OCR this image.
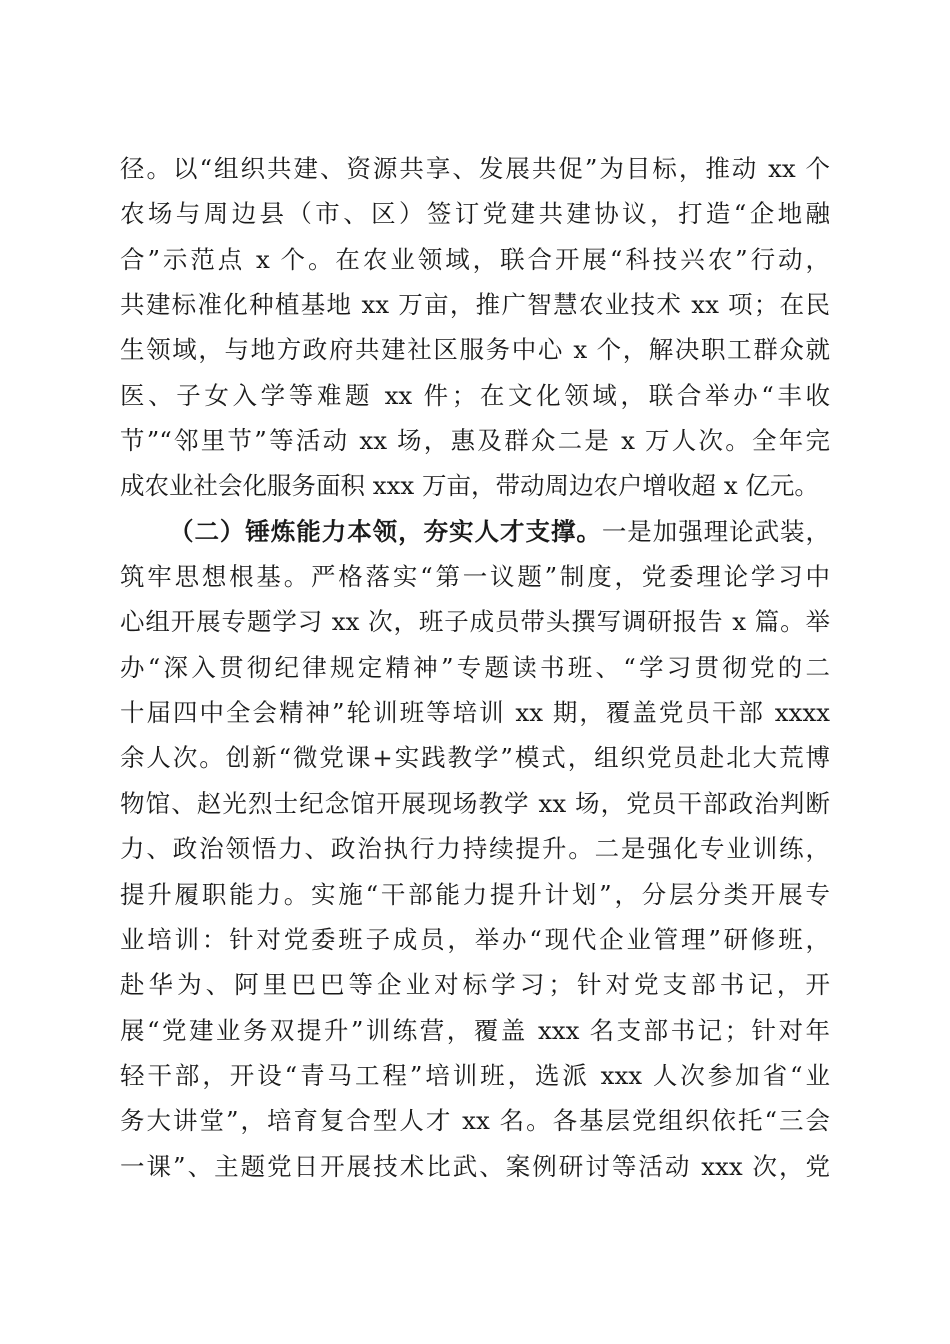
径。以“组织共建、资源共享、发展共促”为目标，推动 xx 个
农场与周边县（市、区）签订党建共建协议，打造“企地融
合”示范点 x 个。在农业领域，联合开展“科技兴农”行动，
共建标准化种植基地 xx 万亩，推广智慧农业技术 xx 项；在民
生领域，与地方政府共建社区服务中心 x 个，解决职工群众就
医、子女入学等难题 xx 件；在文化领域，联合举办“丰收
节”“邻里节”等活动 xx 场，惠及群众二是 x 万人次。全年完
成农业社会化服务面积 xxx 万亩，带动周边农户增收超 x 亿元。
（二）锤炼能力本领，夯实人才支撑。一是加强理论武装，
筑牢思想根基。严格落实“第一议题”制度，党委理论学习中
心组开展专题学习 xx 次，班子成员带头撰写调研报告 x 篇。举
办“深入贯彻纪律规定精神”专题读书班、“学习贯彻党的二
十届四中全会精神”轮训班等培训 xx 期，覆盖党员干部 xxxx
余人次。创新“微党课+实践教学”模式，组织党员赴北大荒博
物馆、赵光烈士纪念馆开展现场教学 xx 场，党员干部政治判断
力、政治领悟力、政治执行力持续提升。二是强化专业训练，
提升履职能力。实施“干部能力提升计划”，分层分类开展专
业培训：针对党委班子成员，举办“现代企业管理”研修班，
赴华为、阿里巴巴等企业对标学习；针对党支部书记，开
展“党建业务双提升”训练营，覆盖 xxx 名支部书记；针对年
轻干部，开设“青马工程”培训班，选派 xxx 人次参加省“业
务大讲堂”，培育复合型人才 xx 名。各基层党组织依托“三会
一课”、主题党日开展技术比武、案例研讨等活动 xxx 次，党
